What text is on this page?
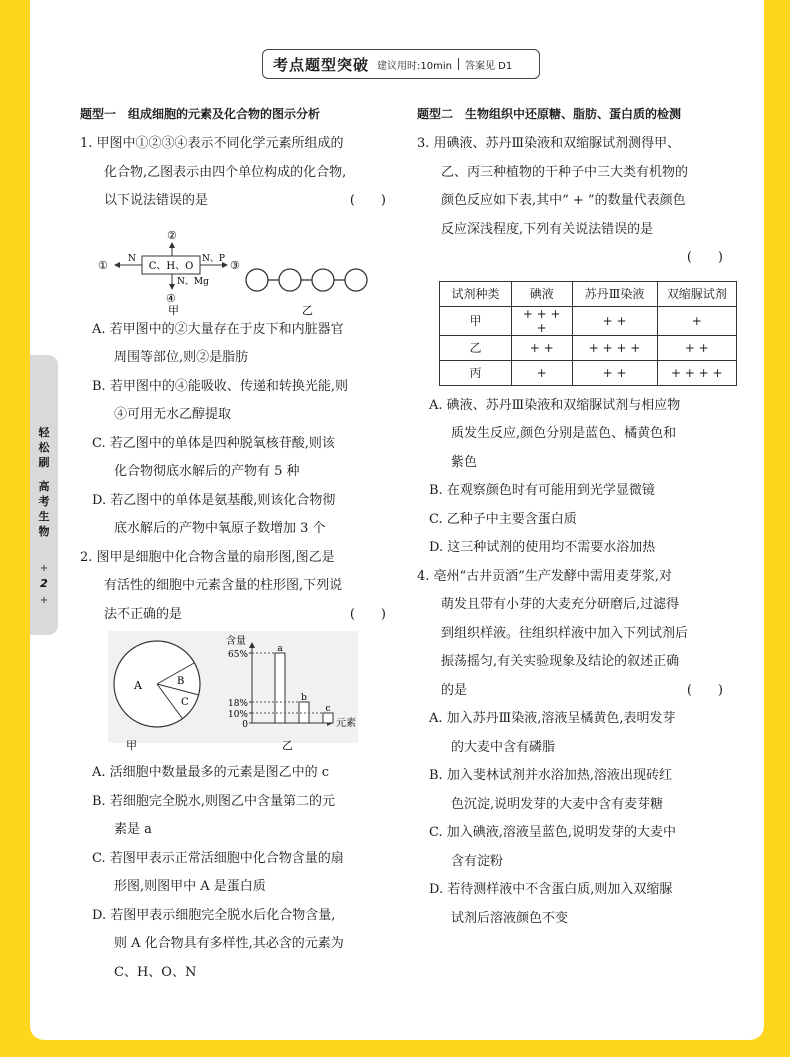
考点题型突破 建议用时:10min 答案见 D1
轻松刷
高考生物
+
2
+
题型一　组成细胞的元素及化合物的图示分析
1. 甲图中①②③④表示不同化学元素所组成的
化合物,乙图表示由四个单位构成的化合物,
以下说法错误的是	(　　)
②
C、H、O
N
①	N、P ③
N、Mg
④
甲	乙
A. 若甲图中的②大量存在于皮下和内脏器官
周围等部位,则②是脂肪
B. 若甲图中的④能吸收、传递和转换光能,则
④可用无水乙醇提取
C. 若乙图中的单体是四种脱氧核苷酸,则该
化合物彻底水解后的产物有 5 种
D. 若乙图中的单体是氨基酸,则该化合物彻
底水解后的产物中氧原子数增加 3 个
2. 图甲是细胞中化合物含量的扇形图,图乙是
有活性的细胞中元素含量的柱形图,下列说
法不正确的是	(　　)
A	B
C
甲
含量
元素
乙
0
10%
18%
65%
a
b
c
A. 活细胞中数量最多的元素是图乙中的 c
B. 若细胞完全脱水,则图乙中含量第二的元
素是 a
C. 若图甲表示正常活细胞中化合物含量的扇
形图,则图甲中 A 是蛋白质
D. 若图甲表示细胞完全脱水后化合物含量,
则 A 化合物具有多样性,其必含的元素为
C、H、O、N
题型二　生物组织中还原糖、脂肪、蛋白质的检测
3. 用碘液、苏丹Ⅲ染液和双缩脲试剂测得甲、
乙、丙三种植物的干种子中三大类有机物的
颜色反应如下表,其中“ + ”的数量代表颜色
反应深浅程度,下列有关说法错误的是
(　　)
试剂种类	碘液	苏丹Ⅲ染液	双缩脲试剂
甲	+ + + +	+ +	+
乙	+ +	+ + + +	+ +
丙	+	+ +	+ + + +
A. 碘液、苏丹Ⅲ染液和双缩脲试剂与相应物
质发生反应,颜色分别是蓝色、橘黄色和
紫色
B. 在观察颜色时有可能用到光学显微镜
C. 乙种子中主要含蛋白质
D. 这三种试剂的使用均不需要水浴加热
4. 亳州“古井贡酒”生产发酵中需用麦芽浆,对
萌发且带有小芽的大麦充分研磨后,过滤得
到组织样液。往组织样液中加入下列试剂后
振荡摇匀,有关实验现象及结论的叙述正确
的是	(　　)
A. 加入苏丹Ⅲ染液,溶液呈橘黄色,表明发芽
的大麦中含有磷脂
B. 加入斐林试剂并水浴加热,溶液出现砖红
色沉淀,说明发芽的大麦中含有麦芽糖
C. 加入碘液,溶液呈蓝色,说明发芽的大麦中
含有淀粉
D. 若待测样液中不含蛋白质,则加入双缩脲
试剂后溶液颜色不变
